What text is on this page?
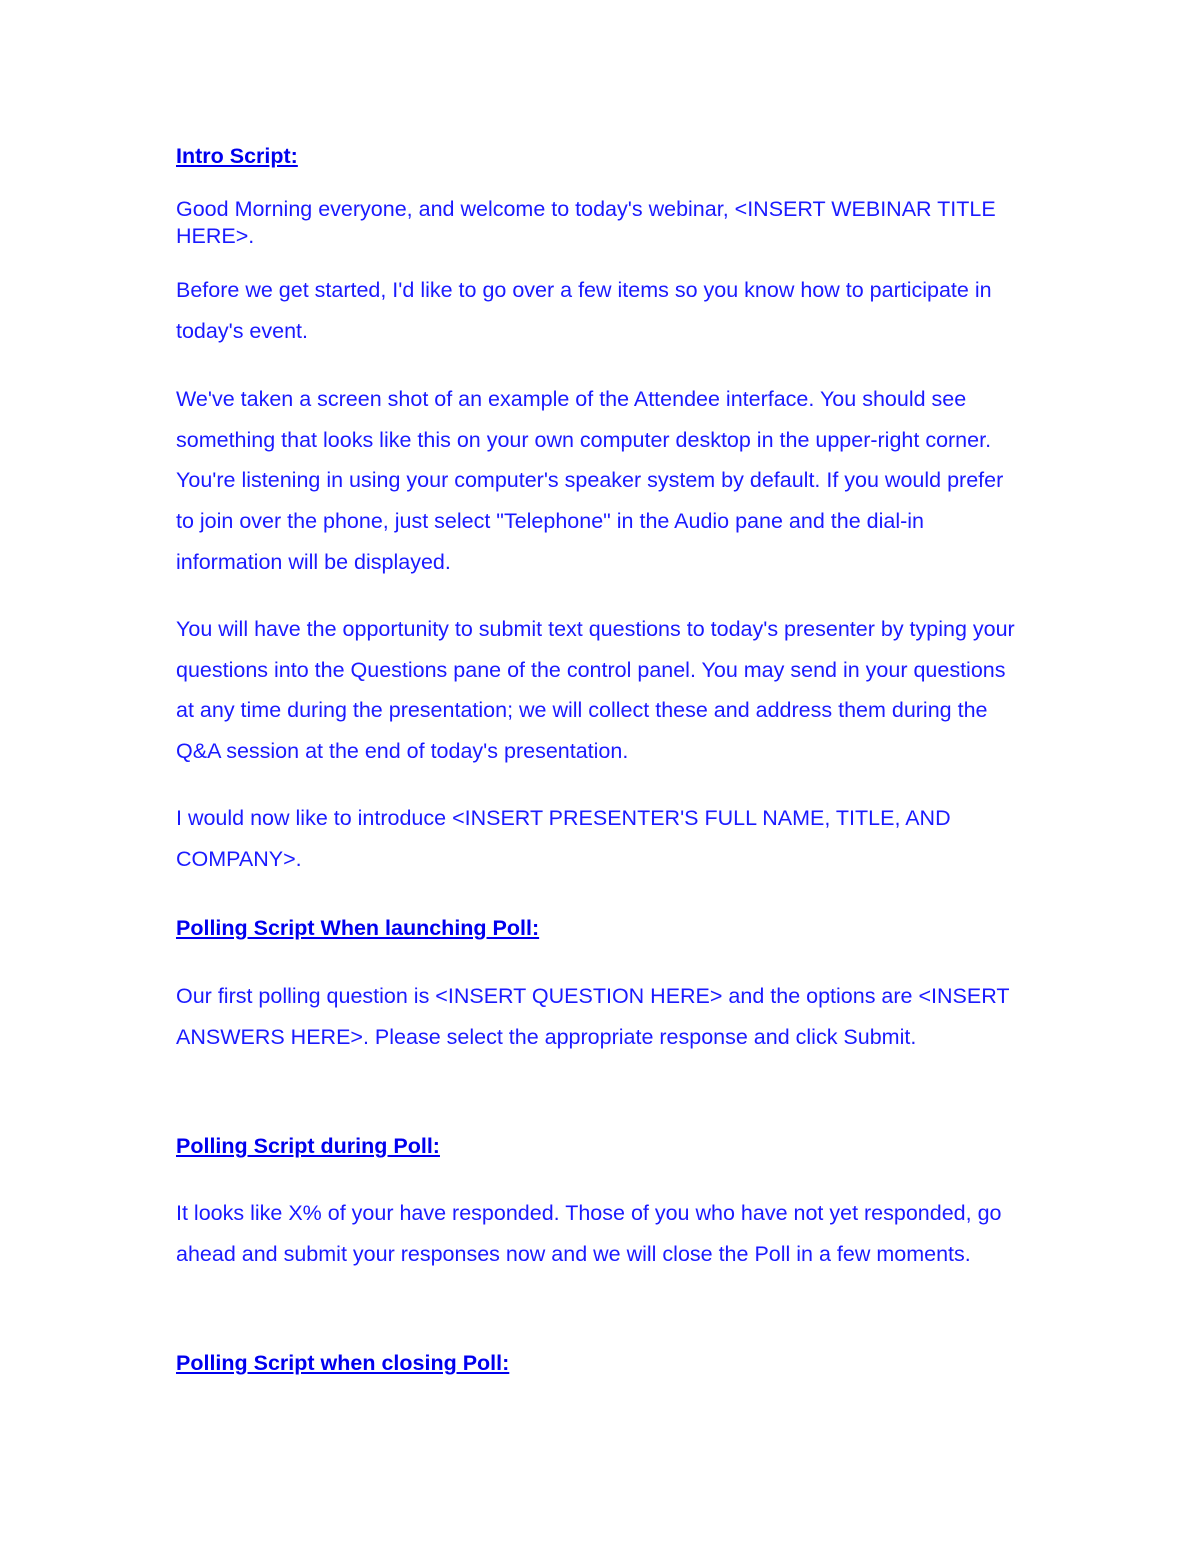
Intro Script:

Good Morning everyone, and welcome to today's webinar, <INSERT WEBINAR TITLE HERE>.

Before we get started, I'd like to go over a few items so you know how to participate in today's event.

We've taken a screen shot of an example of the Attendee interface. You should see something that looks like this on your own computer desktop in the upper-right corner. You're listening in using your computer's speaker system by default. If you would prefer to join over the phone, just select "Telephone" in the Audio pane and the dial-in information will be displayed.

You will have the opportunity to submit text questions to today's presenter by typing your questions into the Questions pane of the control panel. You may send in your questions at any time during the presentation; we will collect these and address them during the Q&A session at the end of today's presentation.

I would now like to introduce <INSERT PRESENTER'S FULL NAME, TITLE, AND COMPANY>.

Polling Script When launching Poll:

Our first polling question is <INSERT QUESTION HERE> and the options are <INSERT ANSWERS HERE>. Please select the appropriate response and click Submit.

Polling Script during Poll:

It looks like X% of your have responded. Those of you who have not yet responded, go ahead and submit your responses now and we will close the Poll in a few moments.

Polling Script when closing Poll:
